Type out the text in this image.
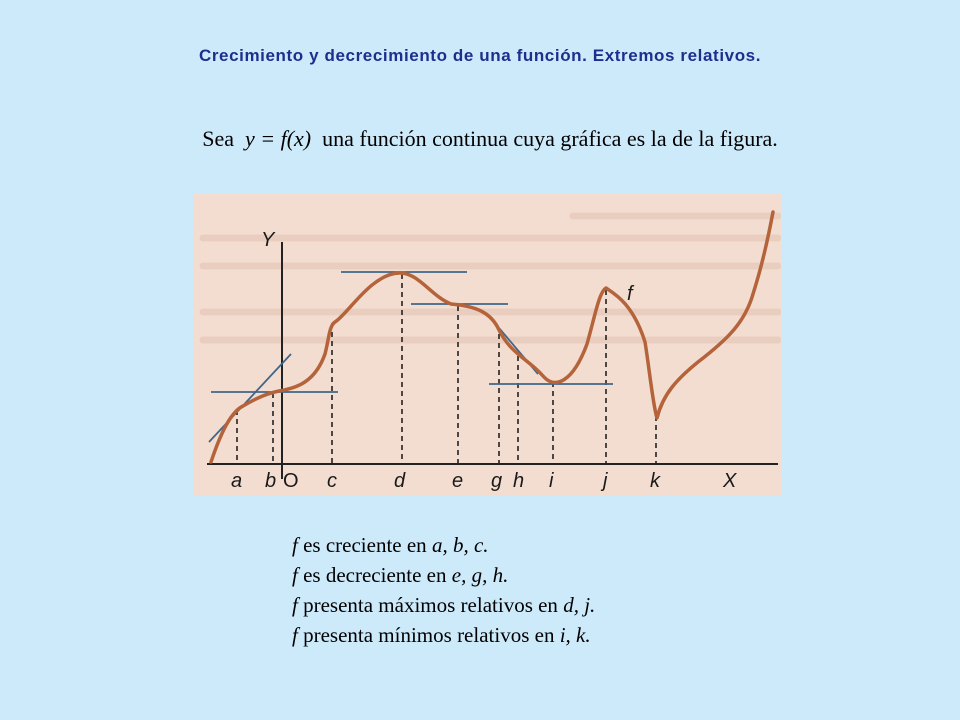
Crecimiento y decrecimiento de una función. Extremos relativos.
Sea  y = f(x)  una función continua cuya gráfica es la de la figura.
Y
f
X
O
a b	c	d e g h i j k
f es creciente en a, b, c.
f es decreciente en e, g, h.
f presenta máximos relativos en d, j.
f presenta mínimos relativos en i, k.
